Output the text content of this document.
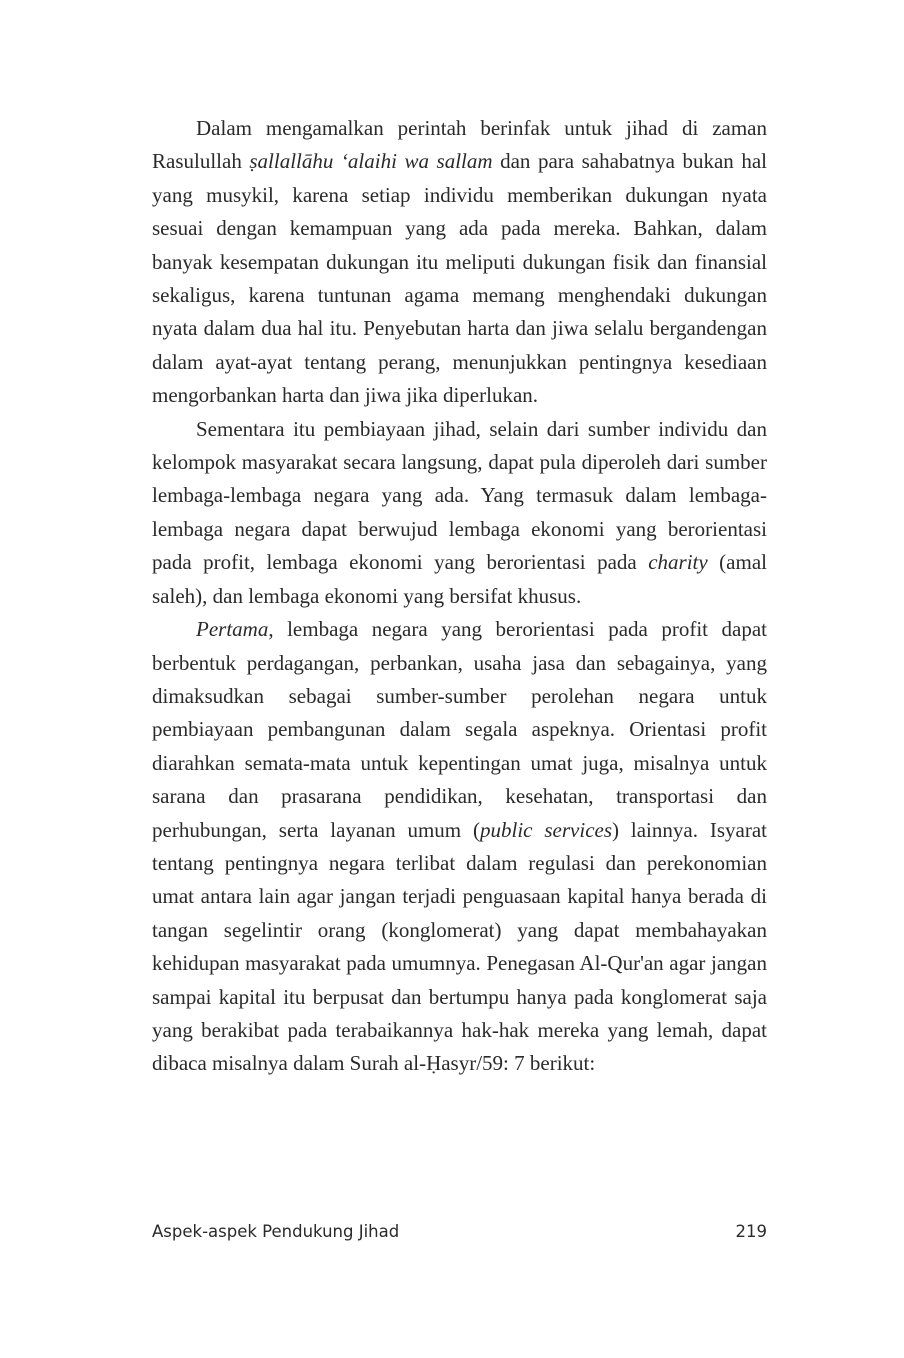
Dalam mengamalkan perintah berinfak untuk jihad di zaman Rasulullah ṣallallāhu ‘alaihi wa sallam dan para sahabatnya bukan hal yang musykil, karena setiap individu memberikan dukungan nyata sesuai dengan kemampuan yang ada pada mereka. Bahkan, dalam banyak kesempatan dukungan itu meliputi dukungan fisik dan finansial sekaligus, karena tuntunan agama memang menghendaki dukungan nyata dalam dua hal itu. Penyebutan harta dan jiwa selalu bergandengan dalam ayat-ayat tentang perang, menunjukkan pentingnya kesediaan mengorbankan harta dan jiwa jika diperlukan.

Sementara itu pembiayaan jihad, selain dari sumber individu dan kelompok masyarakat secara langsung, dapat pula diperoleh dari sumber lembaga-lembaga negara yang ada. Yang termasuk dalam lembaga-lembaga negara dapat berwujud lembaga ekonomi yang berorientasi pada profit, lembaga ekonomi yang berorientasi pada charity (amal saleh), dan lembaga ekonomi yang bersifat khusus.

Pertama, lembaga negara yang berorientasi pada profit dapat berbentuk perdagangan, perbankan, usaha jasa dan sebagainya, yang dimaksudkan sebagai sumber-sumber perolehan negara untuk pembiayaan pembangunan dalam segala aspeknya. Orientasi profit diarahkan semata-mata untuk kepentingan umat juga, misalnya untuk sarana dan prasarana pendidikan, kesehatan, transportasi dan perhubungan, serta layanan umum (public services) lainnya. Isyarat tentang pentingnya negara terlibat dalam regulasi dan perekonomian umat antara lain agar jangan terjadi penguasaan kapital hanya berada di tangan segelintir orang (konglomerat) yang dapat membahayakan kehidupan masyarakat pada umumnya. Penegasan Al-Qur'an agar jangan sampai kapital itu berpusat dan bertumpu hanya pada konglomerat saja yang berakibat pada terabaikannya hak-hak mereka yang lemah, dapat dibaca misalnya dalam Surah al-Ḥasyr/59: 7 berikut:

Aspek-aspek Pendukung Jihad	219
